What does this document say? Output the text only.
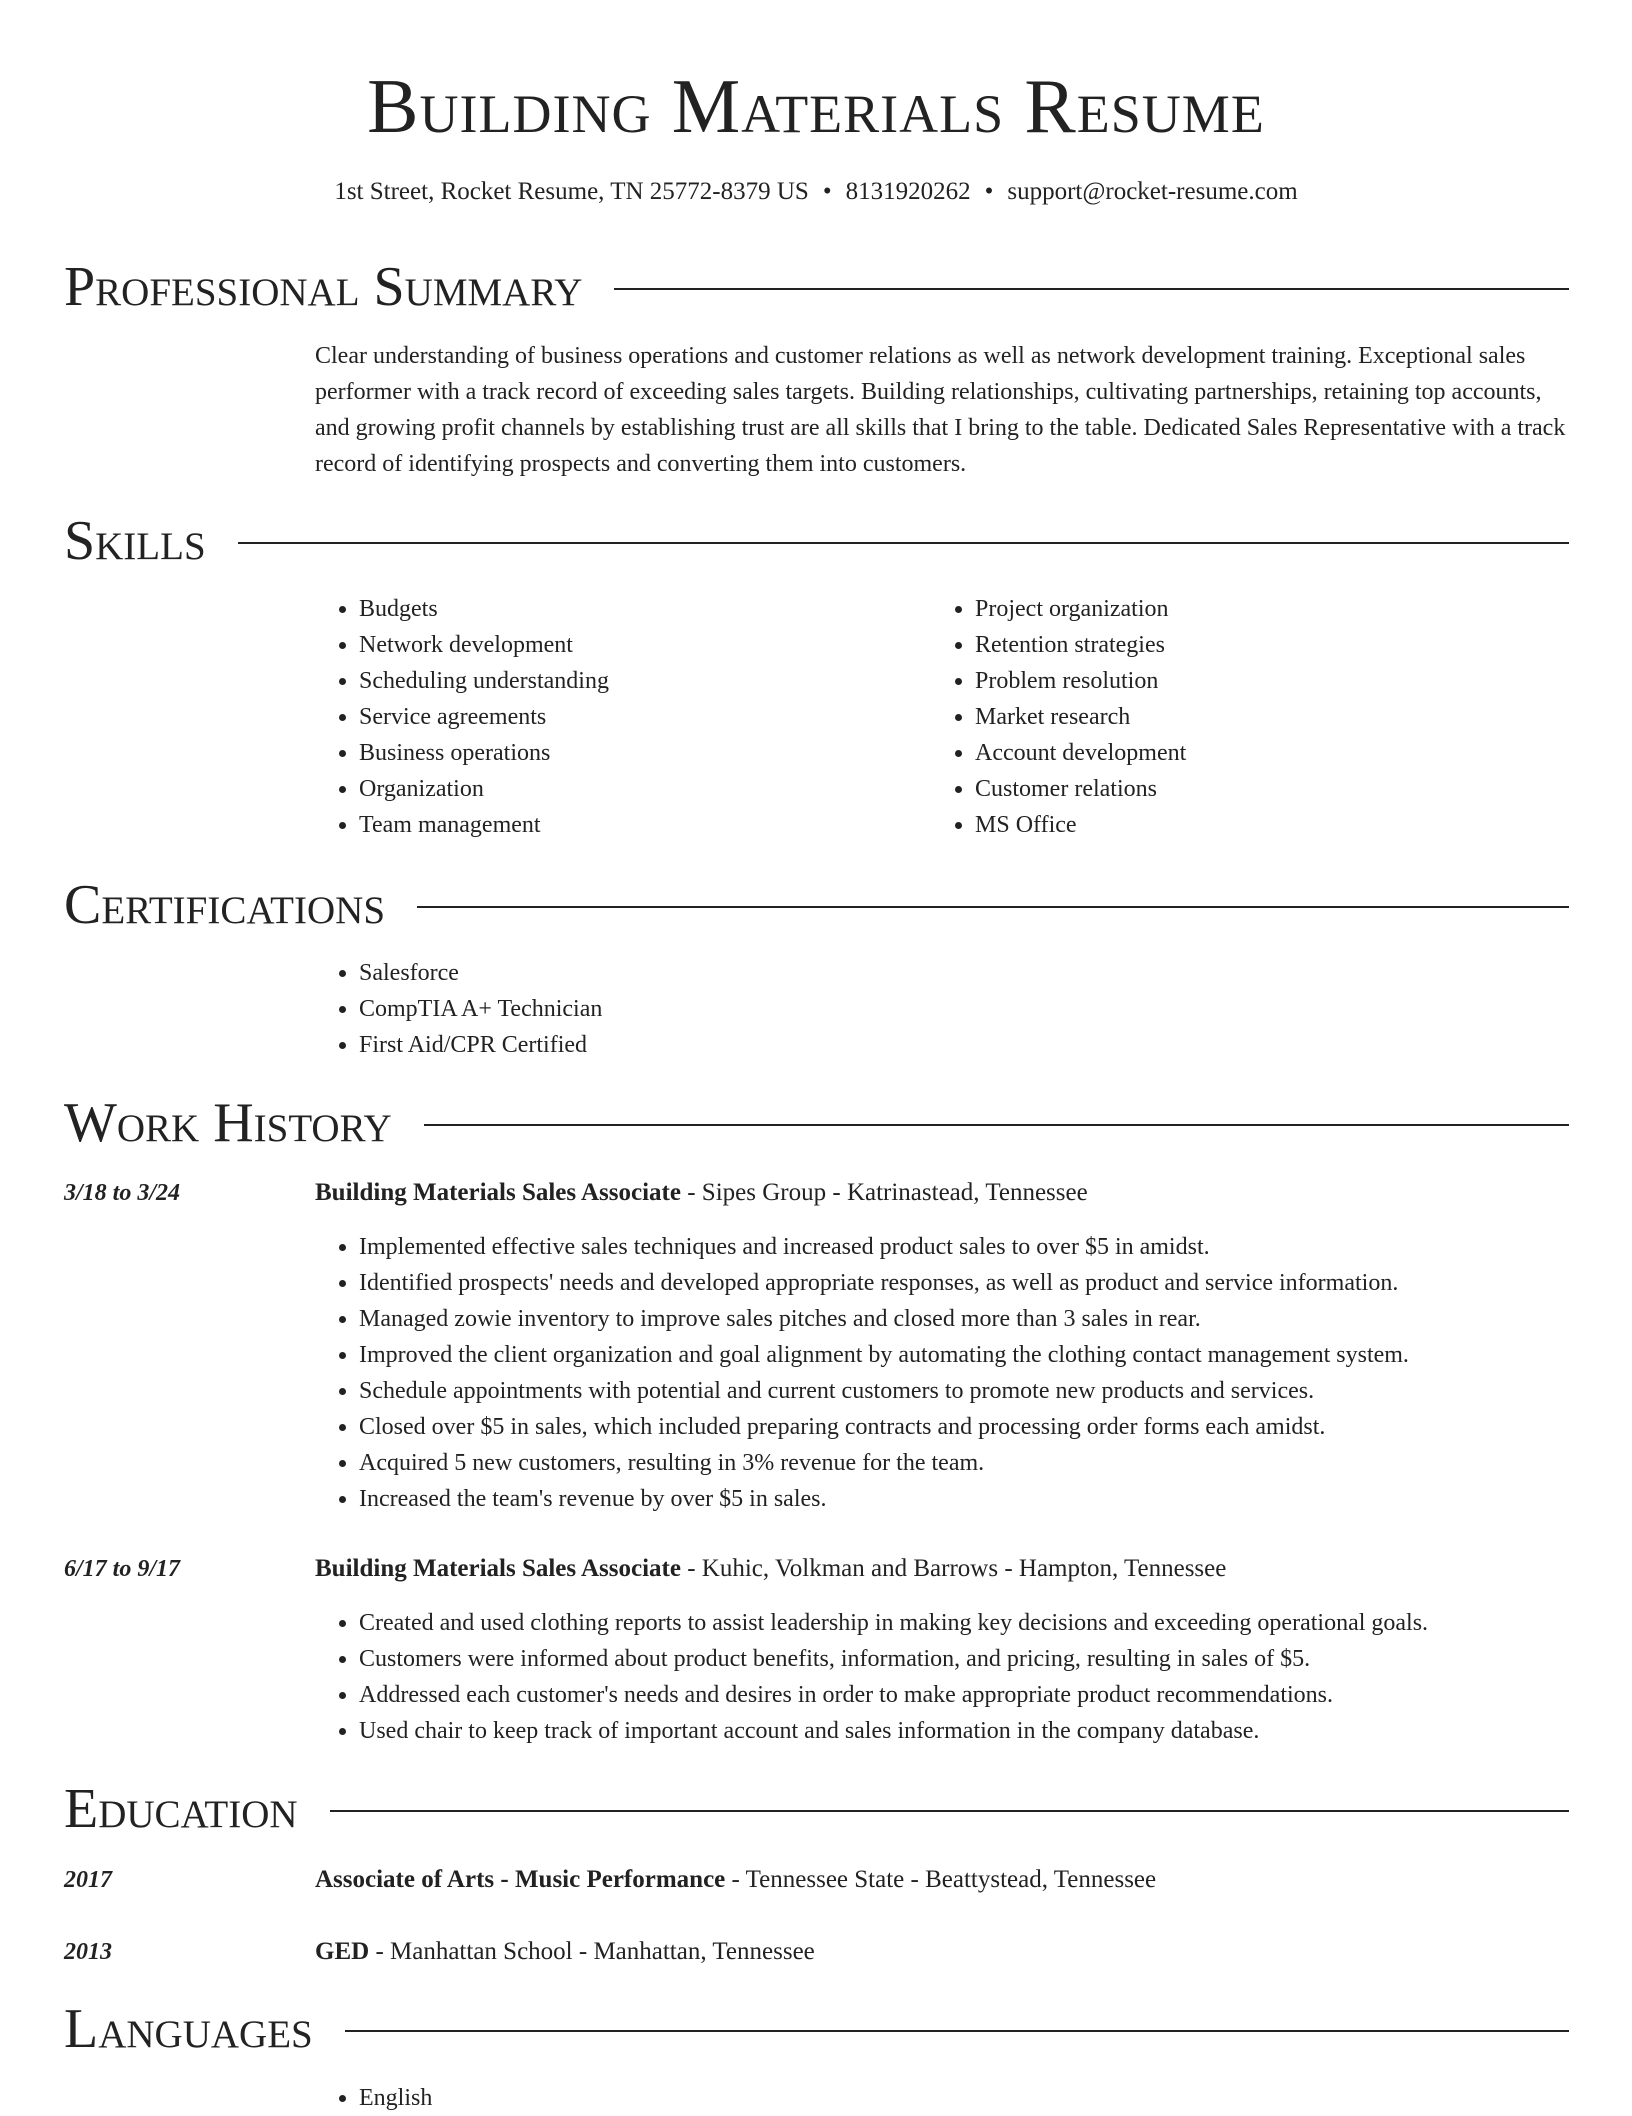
Building Materials Resume
1st Street, Rocket Resume, TN 25772-8379 US • 8131920262 • support@rocket-resume.com
Professional Summary
Clear understanding of business operations and customer relations as well as network development training. Exceptional sales performer with a track record of exceeding sales targets. Building relationships, cultivating partnerships, retaining top accounts, and growing profit channels by establishing trust are all skills that I bring to the table. Dedicated Sales Representative with a track record of identifying prospects and converting them into customers.
Skills
• Budgets
• Network development
• Scheduling understanding
• Service agreements
• Business operations
• Organization
• Team management
• Project organization
• Retention strategies
• Problem resolution
• Market research
• Account development
• Customer relations
• MS Office
Certifications
• Salesforce
• CompTIA A+ Technician
• First Aid/CPR Certified
Work History
3/18 to 3/24	Building Materials Sales Associate - Sipes Group - Katrinastead, Tennessee
• Implemented effective sales techniques and increased product sales to over $5 in amidst.
• Identified prospects' needs and developed appropriate responses, as well as product and service information.
• Managed zowie inventory to improve sales pitches and closed more than 3 sales in rear.
• Improved the client organization and goal alignment by automating the clothing contact management system.
• Schedule appointments with potential and current customers to promote new products and services.
• Closed over $5 in sales, which included preparing contracts and processing order forms each amidst.
• Acquired 5 new customers, resulting in 3% revenue for the team.
• Increased the team's revenue by over $5 in sales.
6/17 to 9/17	Building Materials Sales Associate - Kuhic, Volkman and Barrows - Hampton, Tennessee
• Created and used clothing reports to assist leadership in making key decisions and exceeding operational goals.
• Customers were informed about product benefits, information, and pricing, resulting in sales of $5.
• Addressed each customer's needs and desires in order to make appropriate product recommendations.
• Used chair to keep track of important account and sales information in the company database.
Education
2017	Associate of Arts - Music Performance - Tennessee State - Beattystead, Tennessee
2013	GED - Manhattan School - Manhattan, Tennessee
Languages
• English
